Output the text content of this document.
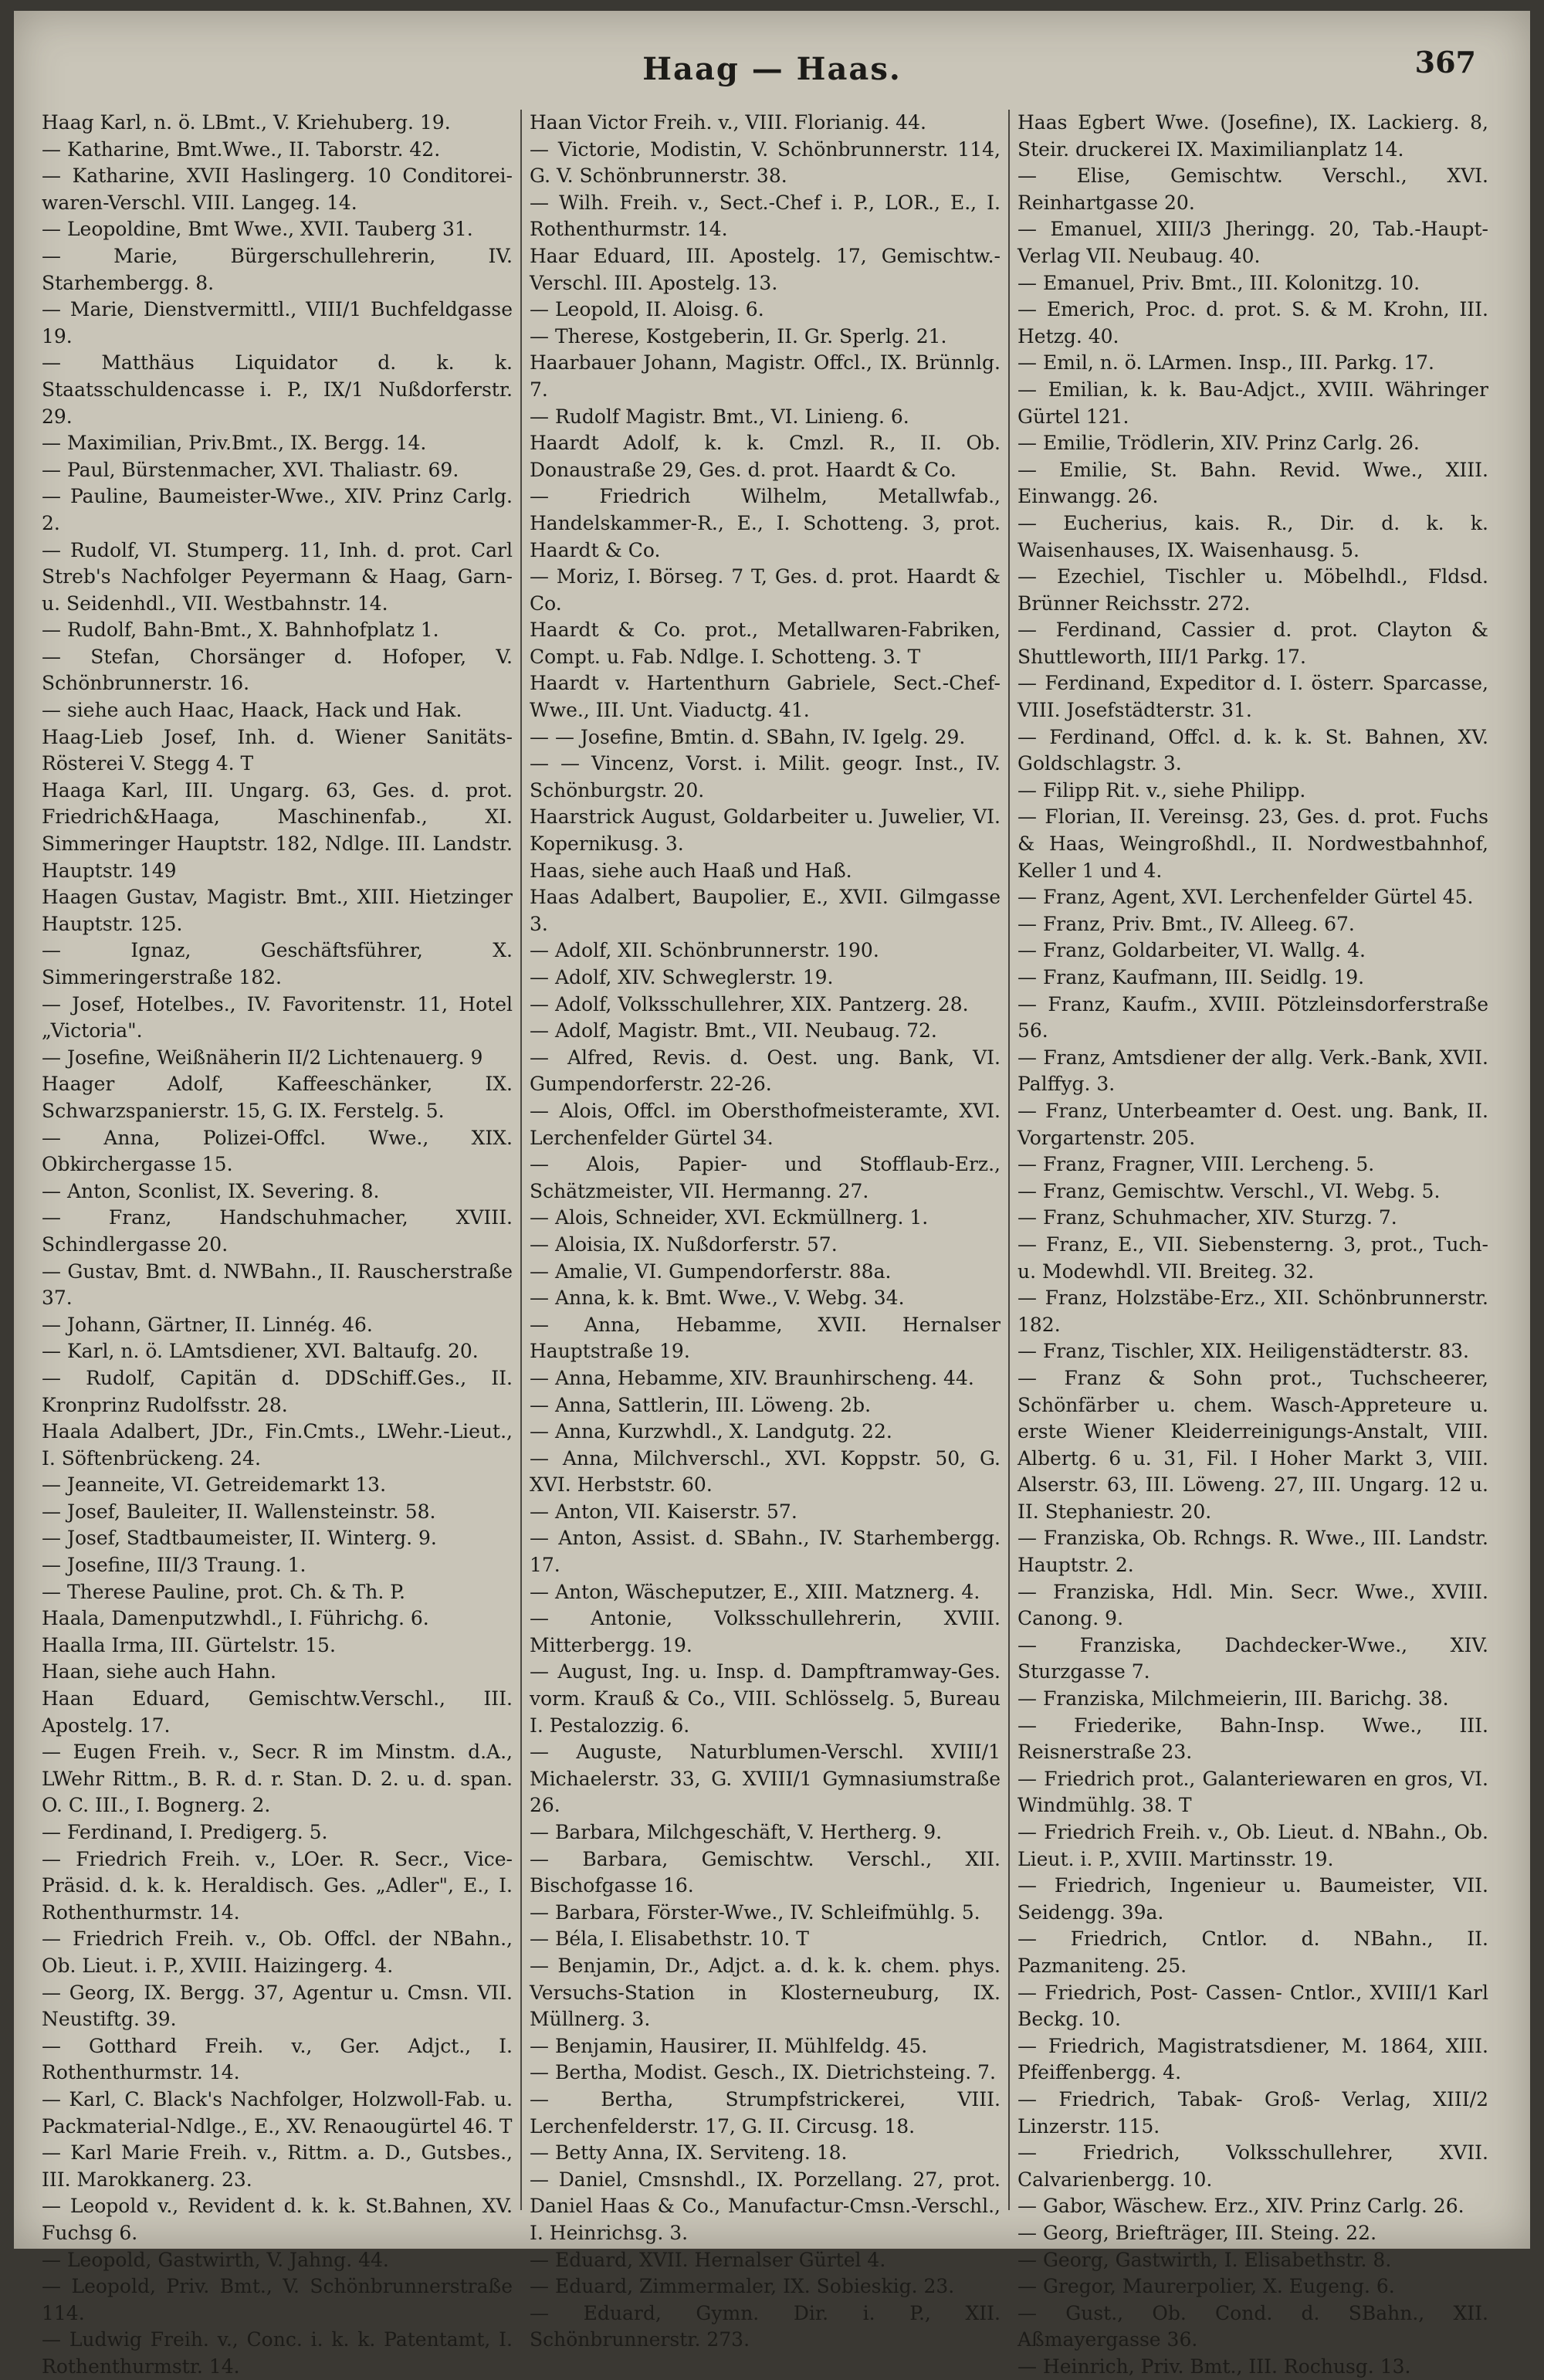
Haag — Haas.	367
Haag Karl, n. ö. LBmt., V. Kriehuberg. 19.
— Katharine, Bmt.Wwe., II. Taborstr. 42.
— Katharine, XVII Haslingerg. 10 Conditorei-waren-Verschl. VIII. Langeg. 14.
— Leopoldine, Bmt Wwe., XVII. Tauberg 31.
— Marie, Bürgerschullehrerin, IV. Starhembergg. 8.
— Marie, Dienstvermittl., VIII/1 Buchfeldgasse 19.
— Matthäus Liquidator d. k. k. Staatsschuldencasse i. P., IX/1 Nußdorferstr. 29.
— Maximilian, Priv.Bmt., IX. Bergg. 14.
— Paul, Bürstenmacher, XVI. Thaliastr. 69.
— Pauline, Baumeister-Wwe., XIV. Prinz Carlg. 2.
— Rudolf, VI. Stumperg. 11, Inh. d. prot. Carl Streb's Nachfolger Peyermann & Haag, Garn- u. Seidenhdl., VII. Westbahnstr. 14.
— Rudolf, Bahn-Bmt., X. Bahnhofplatz 1.
— Stefan, Chorsänger d. Hofoper, V. Schönbrunnerstr. 16.
— siehe auch Haac, Haack, Hack und Hak.
Haag-Lieb Josef, Inh. d. Wiener Sanitäts-Rösterei V. Stegg 4. T
Haaga Karl, III. Ungarg. 63, Ges. d. prot. Friedrich&Haaga, Maschinenfab., XI. Simmeringer Hauptstr. 182, Ndlge. III. Landstr. Hauptstr. 149
Haagen Gustav, Magistr. Bmt., XIII. Hietzinger Hauptstr. 125.
— Ignaz, Geschäftsführer, X. Simmeringerstraße 182.
— Josef, Hotelbes., IV. Favoritenstr. 11, Hotel „Victoria".
— Josefine, Weißnäherin II/2 Lichtenauerg. 9
Haager Adolf, Kaffeeschänker, IX. Schwarzspanierstr. 15, G. IX. Ferstelg. 5.
— Anna, Polizei-Offcl. Wwe., XIX. Obkirchergasse 15.
— Anton, Sconlist, IX. Severing. 8.
— Franz, Handschuhmacher, XVIII. Schindlergasse 20.
— Gustav, Bmt. d. NWBahn., II. Rauscherstraße 37.
— Johann, Gärtner, II. Linnég. 46.
— Karl, n. ö. LAmtsdiener, XVI. Baltaufg. 20.
— Rudolf, Capitän d. DDSchiff.Ges., II. Kronprinz Rudolfsstr. 28.
Haala Adalbert, JDr., Fin.Cmts., LWehr.-Lieut., I. Söftenbrückeng. 24.
— Jeanneite, VI. Getreidemarkt 13.
— Josef, Bauleiter, II. Wallensteinstr. 58.
— Josef, Stadtbaumeister, II. Winterg. 9.
— Josefine, III/3 Traung. 1.
— Therese Pauline, prot. Ch. & Th. P.
Haala, Damenputzwhdl., I. Führichg. 6.
Haalla Irma, III. Gürtelstr. 15.
Haan, siehe auch Hahn.
Haan Eduard, Gemischtw.Verschl., III. Apostelg. 17.
— Eugen Freih. v., Secr. R im Minstm. d.A., LWehr Rittm., B. R. d. r. Stan. D. 2. u. d. span. O. C. III., I. Bognerg. 2.
— Ferdinand, I. Predigerg. 5.
— Friedrich Freih. v., LOer. R. Secr., Vice-Präsid. d. k. k. Heraldisch. Ges. „Adler", E., I. Rothenthurmstr. 14.
— Friedrich Freih. v., Ob. Offcl. der NBahn., Ob. Lieut. i. P., XVIII. Haizingerg. 4.
— Georg, IX. Bergg. 37, Agentur u. Cmsn. VII. Neustiftg. 39.
— Gotthard Freih. v., Ger. Adjct., I. Rothenthurmstr. 14.
— Karl, C. Black's Nachfolger, Holzwoll-Fab. u. Packmaterial-Ndlge., E., XV. Renaougürtel 46. T
— Karl Marie Freih. v., Rittm. a. D., Gutsbes., III. Marokkanerg. 23.
— Leopold v., Revident d. k. k. St.Bahnen, XV. Fuchsg 6.
— Leopold, Gastwirth, V. Jahng. 44.
— Leopold, Priv. Bmt., V. Schönbrunnerstraße 114.
— Ludwig Freih. v., Conc. i. k. k. Patentamt, I. Rothenthurmstr. 14.
Haan Victor Freih. v., VIII. Florianig. 44.
— Victorie, Modistin, V. Schönbrunnerstr. 114, G. V. Schönbrunnerstr. 38.
— Wilh. Freih. v., Sect.-Chef i. P., LOR., E., I. Rothenthurmstr. 14.
Haar Eduard, III. Apostelg. 17, Gemischtw.-Verschl. III. Apostelg. 13.
— Leopold, II. Aloisg. 6.
— Therese, Kostgeberin, II. Gr. Sperlg. 21.
Haarbauer Johann, Magistr. Offcl., IX. Brünnlg. 7.
— Rudolf Magistr. Bmt., VI. Linieng. 6.
Haardt Adolf, k. k. Cmzl. R., II. Ob. Donaustraße 29, Ges. d. prot. Haardt & Co.
— Friedrich Wilhelm, Metallwfab., Handelskammer-R., E., I. Schotteng. 3, prot. Haardt & Co.
— Moriz, I. Börseg. 7 T, Ges. d. prot. Haardt & Co.
Haardt & Co. prot., Metallwaren-Fabriken, Compt. u. Fab. Ndlge. I. Schotteng. 3. T
Haardt v. Hartenthurn Gabriele, Sect.-Chef-Wwe., III. Unt. Viaductg. 41.
— — Josefine, Bmtin. d. SBahn, IV. Igelg. 29.
— — Vincenz, Vorst. i. Milit. geogr. Inst., IV. Schönburgstr. 20.
Haarstrick August, Goldarbeiter u. Juwelier, VI. Kopernikusg. 3.
Haas, siehe auch Haaß und Haß.
Haas Adalbert, Baupolier, E., XVII. Gilmgasse 3.
— Adolf, XII. Schönbrunnerstr. 190.
— Adolf, XIV. Schweglerstr. 19.
— Adolf, Volksschullehrer, XIX. Pantzerg. 28.
— Adolf, Magistr. Bmt., VII. Neubaug. 72.
— Alfred, Revis. d. Oest. ung. Bank, VI. Gumpendorferstr. 22-26.
— Alois, Offcl. im Obersthofmeisteramte, XVI. Lerchenfelder Gürtel 34.
— Alois, Papier- und Stofflaub-Erz., Schätzmeister, VII. Hermanng. 27.
— Alois, Schneider, XVI. Eckmüllnerg. 1.
— Aloisia, IX. Nußdorferstr. 57.
— Amalie, VI. Gumpendorferstr. 88a.
— Anna, k. k. Bmt. Wwe., V. Webg. 34.
— Anna, Hebamme, XVII. Hernalser Hauptstraße 19.
— Anna, Hebamme, XIV. Braunhirscheng. 44.
— Anna, Sattlerin, III. Löweng. 2b.
— Anna, Kurzwhdl., X. Landgutg. 22.
— Anna, Milchverschl., XVI. Koppstr. 50, G. XVI. Herbststr. 60.
— Anton, VII. Kaiserstr. 57.
— Anton, Assist. d. SBahn., IV. Starhembergg. 17.
— Anton, Wäscheputzer, E., XIII. Matznerg. 4.
— Antonie, Volksschullehrerin, XVIII. Mitterbergg. 19.
— August, Ing. u. Insp. d. Dampftramway-Ges. vorm. Krauß & Co., VIII. Schlösselg. 5, Bureau I. Pestalozzig. 6.
— Auguste, Naturblumen-Verschl. XVIII/1 Michaelerstr. 33, G. XVIII/1 Gymnasiumstraße 26.
— Barbara, Milchgeschäft, V. Hertherg. 9.
— Barbara, Gemischtw. Verschl., XII. Bischofgasse 16.
— Barbara, Förster-Wwe., IV. Schleifmühlg. 5.
— Béla, I. Elisabethstr. 10. T
— Benjamin, Dr., Adjct. a. d. k. k. chem. phys. Versuchs-Station in Klosterneuburg, IX. Müllnerg. 3.
— Benjamin, Hausirer, II. Mühlfeldg. 45.
— Bertha, Modist. Gesch., IX. Dietrichsteing. 7.
— Bertha, Strumpfstrickerei, VIII. Lerchenfelderstr. 17, G. II. Circusg. 18.
— Betty Anna, IX. Serviteng. 18.
— Daniel, Cmsnshdl., IX. Porzellang. 27, prot. Daniel Haas & Co., Manufactur-Cmsn.-Verschl., I. Heinrichsg. 3.
— Eduard, XVII. Hernalser Gürtel 4.
— Eduard, Zimmermaler, IX. Sobieskig. 23.
— Eduard, Gymn. Dir. i. P., XII. Schönbrunnerstr. 273.
Haas Egbert Wwe. (Josefine), IX. Lackierg. 8, Steir. druckerei IX. Maximilianplatz 14.
— Elise, Gemischtw. Verschl., XVI. Reinhartgasse 20.
— Emanuel, XIII/3 Jheringg. 20, Tab.-Haupt-Verlag VII. Neubaug. 40.
— Emanuel, Priv. Bmt., III. Kolonitzg. 10.
— Emerich, Proc. d. prot. S. & M. Krohn, III. Hetzg. 40.
— Emil, n. ö. LArmen. Insp., III. Parkg. 17.
— Emilian, k. k. Bau-Adjct., XVIII. Währinger Gürtel 121.
— Emilie, Trödlerin, XIV. Prinz Carlg. 26.
— Emilie, St. Bahn. Revid. Wwe., XIII. Einwangg. 26.
— Eucherius, kais. R., Dir. d. k. k. Waisenhauses, IX. Waisenhausg. 5.
— Ezechiel, Tischler u. Möbelhdl., Fldsd. Brünner Reichsstr. 272.
— Ferdinand, Cassier d. prot. Clayton & Shuttleworth, III/1 Parkg. 17.
— Ferdinand, Expeditor d. I. österr. Sparcasse, VIII. Josefstädterstr. 31.
— Ferdinand, Offcl. d. k. k. St. Bahnen, XV. Goldschlagstr. 3.
— Filipp Rit. v., siehe Philipp.
— Florian, II. Vereinsg. 23, Ges. d. prot. Fuchs & Haas, Weingroßhdl., II. Nordwestbahnhof, Keller 1 und 4.
— Franz, Agent, XVI. Lerchenfelder Gürtel 45.
— Franz, Priv. Bmt., IV. Alleeg. 67.
— Franz, Goldarbeiter, VI. Wallg. 4.
— Franz, Kaufmann, III. Seidlg. 19.
— Franz, Kaufm., XVIII. Pötzleinsdorferstraße 56.
— Franz, Amtsdiener der allg. Verk.-Bank, XVII. Palffyg. 3.
— Franz, Unterbeamter d. Oest. ung. Bank, II. Vorgartenstr. 205.
— Franz, Fragner, VIII. Lercheng. 5.
— Franz, Gemischtw. Verschl., VI. Webg. 5.
— Franz, Schuhmacher, XIV. Sturzg. 7.
— Franz, E., VII. Siebensterng. 3, prot., Tuch- u. Modewhdl. VII. Breiteg. 32.
— Franz, Holzstäbe-Erz., XII. Schönbrunnerstr. 182.
— Franz, Tischler, XIX. Heiligenstädterstr. 83.
— Franz & Sohn prot., Tuchscheerer, Schönfärber u. chem. Wasch-Appreteure u. erste Wiener Kleiderreinigungs-Anstalt, VIII. Albertg. 6 u. 31, Fil. I Hoher Markt 3, VIII. Alserstr. 63, III. Löweng. 27, III. Ungarg. 12 u. II. Stephaniestr. 20.
— Franziska, Ob. Rchngs. R. Wwe., III. Landstr. Hauptstr. 2.
— Franziska, Hdl. Min. Secr. Wwe., XVIII. Canong. 9.
— Franziska, Dachdecker-Wwe., XIV. Sturzgasse 7.
— Franziska, Milchmeierin, III. Barichg. 38.
— Friederike, Bahn-Insp. Wwe., III. Reisnerstraße 23.
— Friedrich prot., Galanteriewaren en gros, VI. Windmühlg. 38. T
— Friedrich Freih. v., Ob. Lieut. d. NBahn., Ob. Lieut. i. P., XVIII. Martinsstr. 19.
— Friedrich, Ingenieur u. Baumeister, VII. Seidengg. 39a.
— Friedrich, Cntlor. d. NBahn., II. Pazmaniteng. 25.
— Friedrich, Post- Cassen- Cntlor., XVIII/1 Karl Beckg. 10.
— Friedrich, Magistratsdiener, M. 1864, XIII. Pfeiffenbergg. 4.
— Friedrich, Tabak- Groß- Verlag, XIII/2 Linzerstr. 115.
— Friedrich, Volksschullehrer, XVII. Calvarienbergg. 10.
— Gabor, Wäschew. Erz., XIV. Prinz Carlg. 26.
— Georg, Briefträger, III. Steing. 22.
— Georg, Gastwirth, I. Elisabethstr. 8.
— Gregor, Maurerpolier, X. Eugeng. 6.
— Gust., Ob. Cond. d. SBahn., XII. Aßmayergasse 36.
— Heinrich, Priv. Bmt., III. Rochusg. 13.
